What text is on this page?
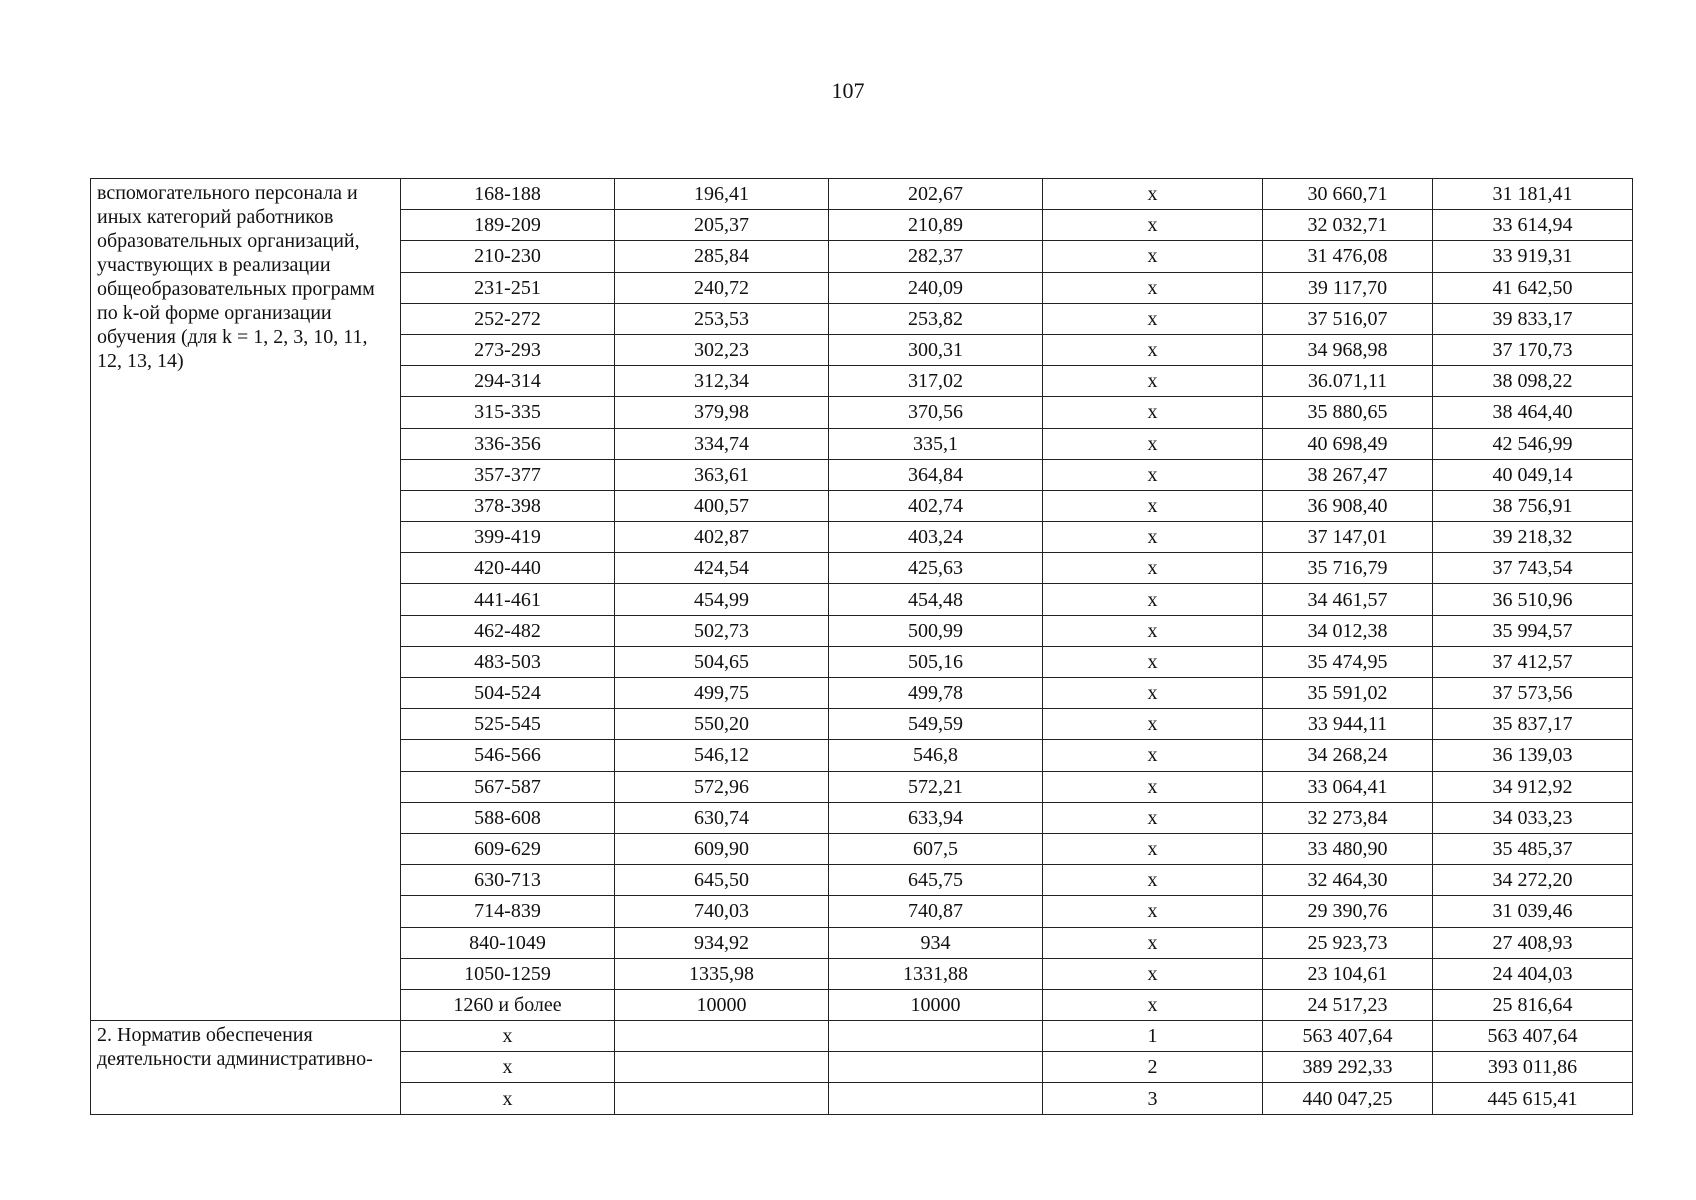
107
вспомогательного персонала и иных категорий работников образовательных организаций, участвующих в реализации общеобразовательных программ по k-ой форме организации обучения (для k = 1, 2, 3, 10, 11, 12, 13, 14)	168-188	196,41	202,67	х	30 660,71	31 181,41
	189-209	205,37	210,89	х	32 032,71	33 614,94
	210-230	285,84	282,37	х	31 476,08	33 919,31
	231-251	240,72	240,09	х	39 117,70	41 642,50
	252-272	253,53	253,82	х	37 516,07	39 833,17
	273-293	302,23	300,31	х	34 968,98	37 170,73
	294-314	312,34	317,02	х	36.071,11	38 098,22
	315-335	379,98	370,56	х	35 880,65	38 464,40
	336-356	334,74	335,1	х	40 698,49	42 546,99
	357-377	363,61	364,84	х	38 267,47	40 049,14
	378-398	400,57	402,74	х	36 908,40	38 756,91
	399-419	402,87	403,24	х	37 147,01	39 218,32
	420-440	424,54	425,63	х	35 716,79	37 743,54
	441-461	454,99	454,48	х	34 461,57	36 510,96
	462-482	502,73	500,99	х	34 012,38	35 994,57
	483-503	504,65	505,16	х	35 474,95	37 412,57
	504-524	499,75	499,78	х	35 591,02	37 573,56
	525-545	550,20	549,59	х	33 944,11	35 837,17
	546-566	546,12	546,8	х	34 268,24	36 139,03
	567-587	572,96	572,21	х	33 064,41	34 912,92
	588-608	630,74	633,94	х	32 273,84	34 033,23
	609-629	609,90	607,5	х	33 480,90	35 485,37
	630-713	645,50	645,75	х	32 464,30	34 272,20
	714-839	740,03	740,87	х	29 390,76	31 039,46
	840-1049	934,92	934	х	25 923,73	27 408,93
	1050-1259	1335,98	1331,88	х	23 104,61	24 404,03
	1260 и более	10000	10000	х	24 517,23	25 816,64
2. Норматив обеспечения деятельности административно-	х			1	563 407,64	563 407,64
	х			2	389 292,33	393 011,86
	х			3	440 047,25	445 615,41
